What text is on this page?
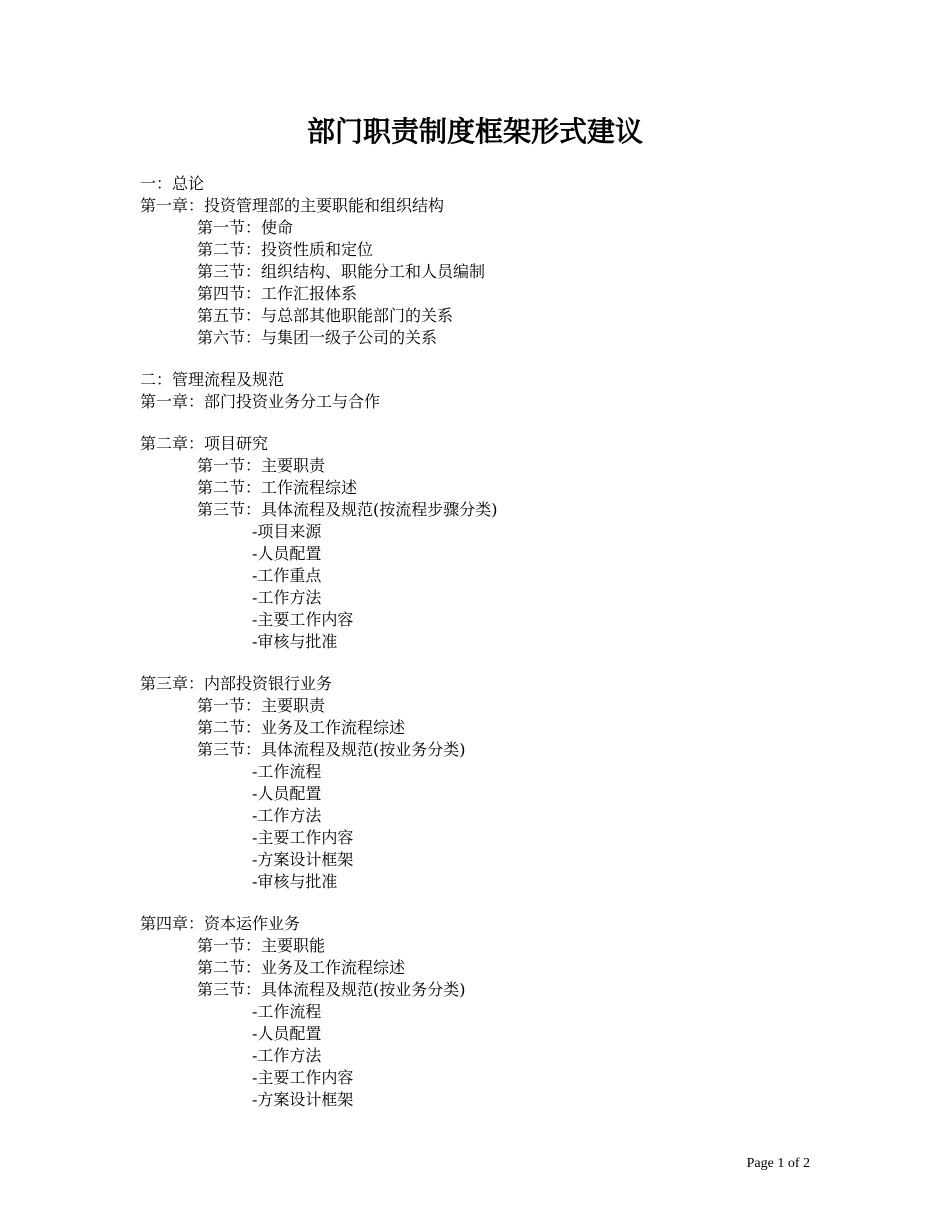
部门职责制度框架形式建议
一：总论
第一章：投资管理部的主要职能和组织结构
第一节：使命
第二节：投资性质和定位
第三节：组织结构、职能分工和人员编制
第四节：工作汇报体系
第五节：与总部其他职能部门的关系
第六节：与集团一级子公司的关系
二：管理流程及规范
第一章：部门投资业务分工与合作
第二章：项目研究
第一节：主要职责
第二节：工作流程综述
第三节：具体流程及规范(按流程步骤分类)
-项目来源
-人员配置
-工作重点
-工作方法
-主要工作内容
-审核与批准
第三章：内部投资银行业务
第一节：主要职责
第二节：业务及工作流程综述
第三节：具体流程及规范(按业务分类)
-工作流程
-人员配置
-工作方法
-主要工作内容
-方案设计框架
-审核与批准
第四章：资本运作业务
第一节：主要职能
第二节：业务及工作流程综述
第三节：具体流程及规范(按业务分类)
-工作流程
-人员配置
-工作方法
-主要工作内容
-方案设计框架
Page 1 of 2
